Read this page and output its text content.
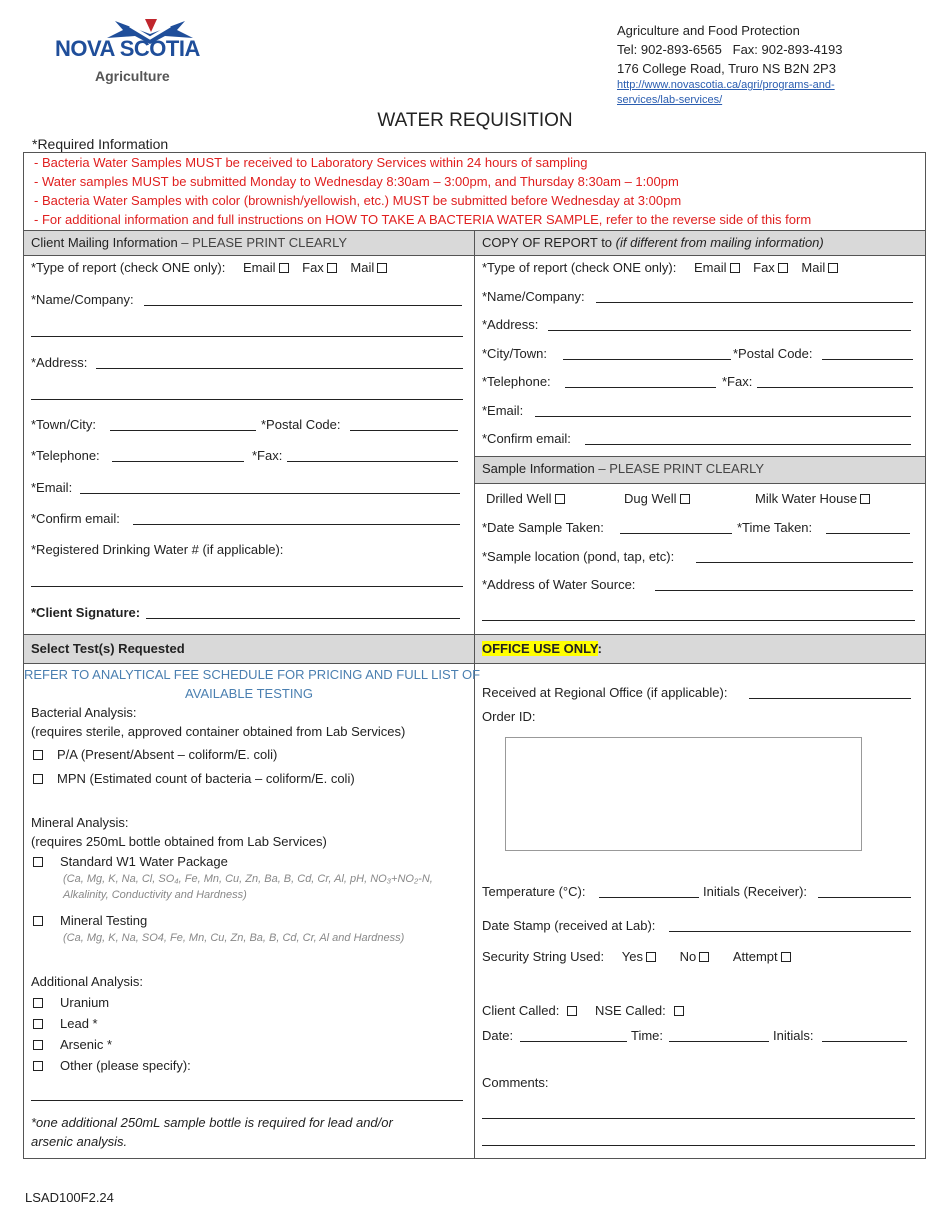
NOVA SCOTIA
Agriculture
Agriculture and Food Protection
Tel: 902-893-6565   Fax: 902-893-4193
176 College Road, Truro NS B2N 2P3
http://www.novascotia.ca/agri/programs-and-
services/lab-services/
WATER REQUISITION
*Required Information
- Bacteria Water Samples MUST be received to Laboratory Services within 24 hours of sampling
- Water samples MUST be submitted Monday to Wednesday 8:30am – 3:00pm, and Thursday 8:30am – 1:00pm
- Bacteria Water Samples with color (brownish/yellowish, etc.) MUST be submitted before Wednesday at 3:00pm
- For additional information and full instructions on HOW TO TAKE A BACTERIA WATER SAMPLE, refer to the reverse side of this form
Client Mailing Information – PLEASE PRINT CLEARLY	COPY OF REPORT to (if different from mailing information)
*Type of report (check ONE only): Email Fax Mail
*Name/Company:
*Address:
*Town/City:	*Postal Code:
*Telephone:	*Fax:
*Email:
*Confirm email:
*Registered Drinking Water # (if applicable):
*Client Signature:
*Type of report (check ONE only): Email Fax Mail
*Name/Company:
*Address:
*City/Town:	*Postal Code:
*Telephone:	*Fax:
*Email:
*Confirm email:
Sample Information – PLEASE PRINT CLEARLY
Drilled Well	Dug Well	Milk Water House
*Date Sample Taken:	*Time Taken:
*Sample location (pond, tap, etc):
*Address of Water Source:
Select Test(s) Requested	OFFICE USE ONLY:
REFER TO ANALYTICAL FEE SCHEDULE FOR PRICING AND FULL LIST OF
AVAILABLE TESTING
Bacterial Analysis:
(requires sterile, approved container obtained from Lab Services)
P/A (Present/Absent – coliform/E. coli)
MPN (Estimated count of bacteria – coliform/E. coli)
Mineral Analysis:
(requires 250mL bottle obtained from Lab Services)
Standard W1 Water Package
(Ca, Mg, K, Na, Cl, SO₄, Fe, Mn, Cu, Zn, Ba, B, Cd, Cr, Al, pH, NO₃+NO₂-N,
Alkalinity, Conductivity and Hardness)
Mineral Testing
(Ca, Mg, K, Na, SO4, Fe, Mn, Cu, Zn, Ba, B, Cd, Cr, Al and Hardness)
Additional Analysis:
Uranium
Lead *
Arsenic *
Other (please specify):
*one additional 250mL sample bottle is required for lead and/or
arsenic analysis.
Received at Regional Office (if applicable):
Order ID:
Temperature (°C):	Initials (Receiver):
Date Stamp (received at Lab):
Security String Used: Yes	No	Attempt
Client Called:	NSE Called:
Date:	Time:	Initials:
Comments:
LSAD100F2.24
